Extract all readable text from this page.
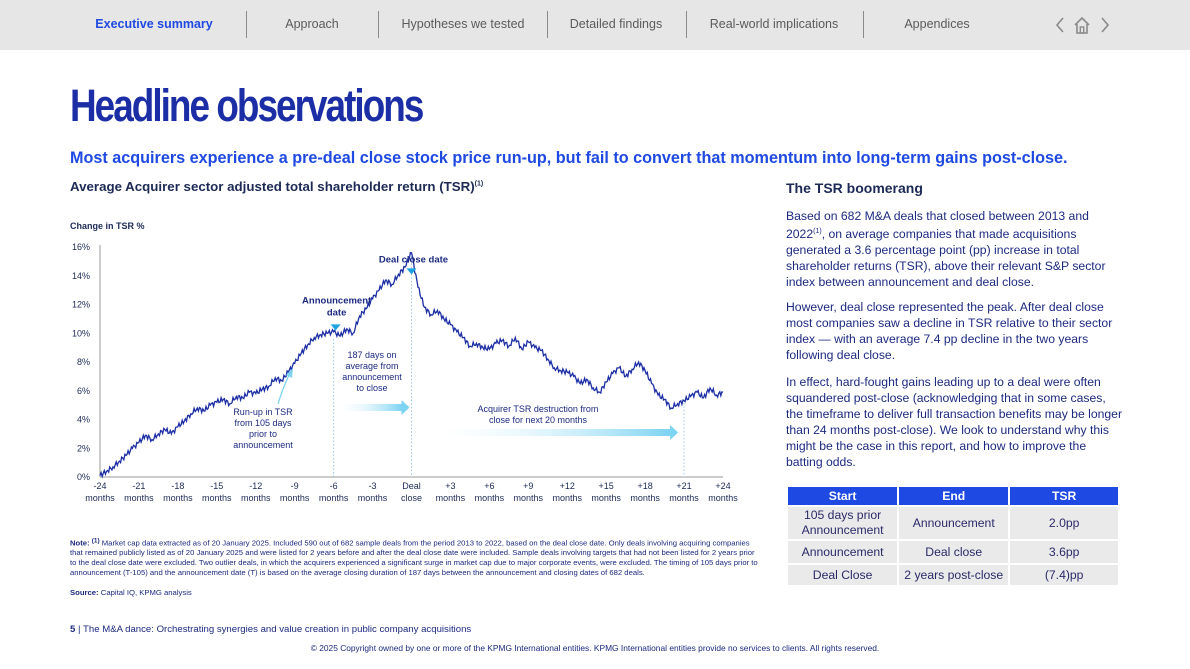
Executive summary	Approach	Hypotheses we tested	Detailed findings	Real-world implications	Appendices
Headline observations
Most acquirers experience a pre-deal close stock price run-up, but fail to convert that momentum into long-term gains post-close.
Average Acquirer sector adjusted total shareholder return (TSR)$^{(1)}$
Change in TSR %
0%
2%
4%
6%
8%
10%
12%
14%
16%
-24
months
-21
months
-18
months
-15
months
-12
months
-9
months
-6
months
-3
months
Deal
close
+3
months
+6
months
+9
months
+12
months
+15
months
+18
months
+21
months
+24
months
Deal close date
Announcement
date
Run-up in TSR
from 105 days
prior to
announcement
187 days on
average from
announcement
to close
Acquirer TSR destruction from
close for next 20 months
Note: $^{(1)}$ Market cap data extracted as of 20 January 2025. Included 590 out of 682 sample deals from the period 2013 to 2022, based on the deal close date. Only deals involving acquiring companies that remained publicly listed as of 20 January 2025 and were listed for 2 years before and after the deal close date were included. Sample deals involving targets that had not been listed for 2 years prior to the deal close date were excluded. Two outlier deals, in which the acquirers experienced a significant surge in market cap due to major corporate events, were excluded. The timing of 105 days prior to announcement (T-105) and the announcement date (T) is based on the average closing duration of 187 days between the announcement and closing dates of 682 deals.
Source: Capital IQ, KPMG analysis
The TSR boomerang
Based on 682 M&A deals that closed between 2013 and 2022$^{(1)}$, on average companies that made acquisitions generated a 3.6 percentage point (pp) increase in total shareholder returns (TSR), above their relevant S&P sector index between announcement and deal close.
However, deal close represented the peak. After deal close most companies saw a decline in TSR relative to their sector index — with an average 7.4 pp decline in the two years following deal close.
In effect, hard-fought gains leading up to a deal were often squandered post-close (acknowledging that in some cases, the timeframe to deliver full transaction benefits may be longer than 24 months post-close). We look to understand why this might be the case in this report, and how to improve the batting odds.
Start	End	TSR
105 days prior Announcement	Announcement	2.0pp
Announcement	Deal close	3.6pp
Deal Close	2 years post-close	(7.4)pp
5 | The M&A dance: Orchestrating synergies and value creation in public company acquisitions
© 2025 Copyright owned by one or more of the KPMG International entities. KPMG International entities provide no services to clients. All rights reserved.
